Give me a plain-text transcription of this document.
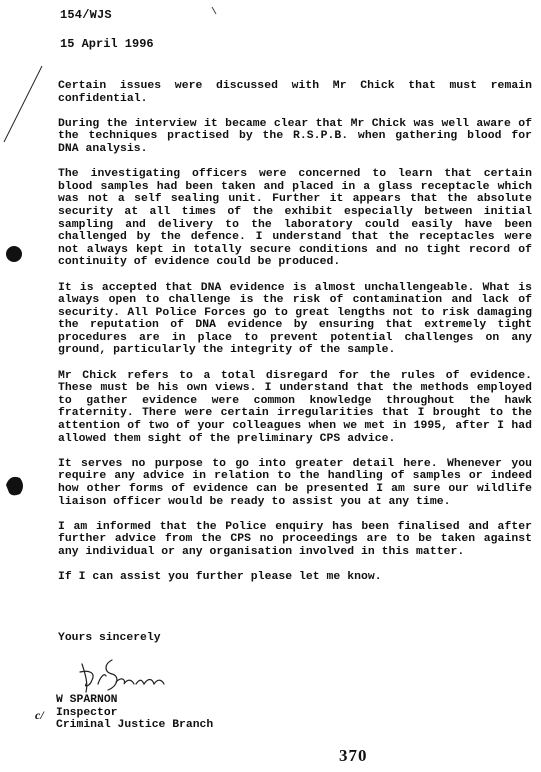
154/WJS
15 April 1996

Certain issues were discussed with Mr Chick that must remain confidential.

During the interview it became clear that Mr Chick was well aware of the techniques practised by the R.S.P.B. when gathering blood for DNA analysis.

The investigating officers were concerned to learn that certain blood samples had been taken and placed in a glass receptacle which was not a self sealing unit. Further it appears that the absolute security at all times of the exhibit especially between initial sampling and delivery to the laboratory could easily have been challenged by the defence. I understand that the receptacles were not always kept in totally secure conditions and no tight record of continuity of evidence could be produced.

It is accepted that DNA evidence is almost unchallengeable. What is always open to challenge is the risk of contamination and lack of security. All Police Forces go to great lengths not to risk damaging the reputation of DNA evidence by ensuring that extremely tight procedures are in place to prevent potential challenges on any ground, particularly the integrity of the sample.

Mr Chick refers to a total disregard for the rules of evidence. These must be his own views. I understand that the methods employed to gather evidence were common knowledge throughout the hawk fraternity. There were certain irregularities that I brought to the attention of two of your colleagues when we met in 1995, after I had allowed them sight of the preliminary CPS advice.

It serves no purpose to go into greater detail here. Whenever you require any advice in relation to the handling of samples or indeed how other forms of evidence can be presented I am sure our wildlife liaison officer would be ready to assist you at any time.

I am informed that the Police enquiry has been finalised and after further advice from the CPS no proceedings are to be taken against any individual or any organisation involved in this matter.

If I can assist you further please let me know.

Yours sincerely
c/
W SPARNON
Inspector
Criminal Justice Branch
370
